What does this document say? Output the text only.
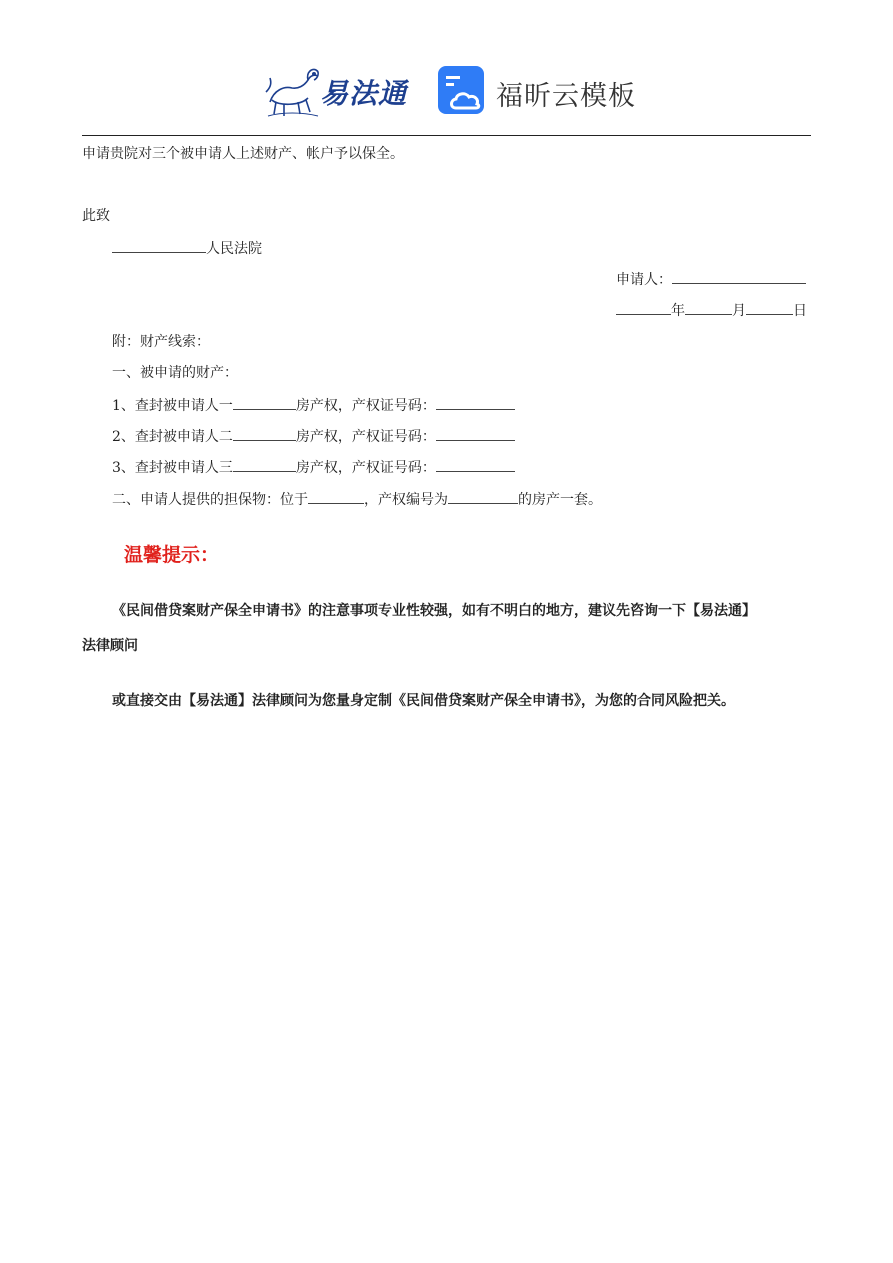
易法通	福昕云模板
申请贵院对三个被申请人上述财产、帐户予以保全。
此致
人民法院
申请人：
年	月	日
附：财产线索：
一、被申请的财产：
1、查封被申请人一	房产权，产权证号码：
2、查封被申请人二	房产权，产权证号码：
3、查封被申请人三	房产权，产权证号码：
二、申请人提供的担保物：位于	，产权编号为	的房产一套。
温馨提示：
《民间借贷案财产保全申请书》的注意事项专业性较强，如有不明白的地方，建议先咨询一下【易法通】
法律顾问
或直接交由【易法通】法律顾问为您量身定制《民间借贷案财产保全申请书》，为您的合同风险把关。
